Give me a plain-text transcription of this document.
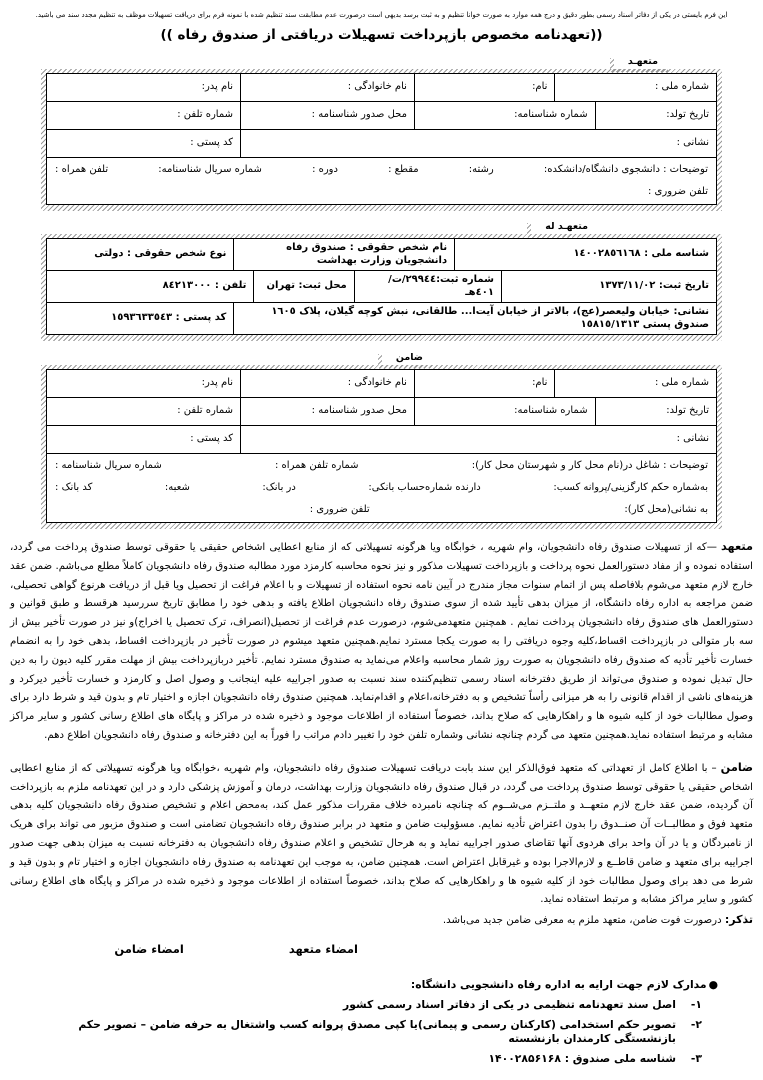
این فرم بایستی در یکی از دفاتر اسناد رسمی بطور دقیق و درج همه موارد به صورت خوانا تنظیم و به ثبت برسد بدیهی است درصورت عدم مطابقت سند تنظیم شده با نمونه فرم برای دریافت تسهیلات موظف به تنظیم مجدد سند می باشید.
((تعهدنامه مخصوص بازپرداخت تسهیلات دریافتی از صندوق رفاه ))
متعهـد
شماره ملی :
نام:
نام خانوادگی :
نام پدر:
تاریخ تولد:
شماره شناسنامه:
محل صدور شناسنامه :
شماره تلفن :
نشانی :
کد پستی :
توضیحات : دانشجوی دانشگاه/دانشکده:
رشته:
مقطع :
دوره :
شماره سریال شناسنامه:
تلفن همراه :
تلفن ضروری :
متعهـد له
شناسه ملی : ١٤٠٠٢٨٥٦١٦٨
نام شخص حقوقی : صندوق رفاه دانشجویان وزارت بهداشت
نوع شخص حقوقی : دولتی
تاریخ ثبت: ١٣٧٣/١١/٠٢
شماره ثبت:٢٩٩٤٤/ت/٤٠١هـ
محل ثبت: تهران
تلفن : ٨٤٢١٣٠٠٠
نشانی: خیابان ولیعصر(عج)، بالاتر از خیابان آیت‌ا... طالقانی، نبش کوچه گیلان، پلاک ١٦٠٥ صندوق پستی ١٥٨١٥/١٣١٣
کد پستی : ١٥٩٣٦٣٣٥٤٣
ضامن
شماره ملی :
نام:
نام خانوادگی :
نام پدر:
تاریخ تولد:
شماره شناسنامه:
محل صدور شناسنامه :
شماره تلفن :
نشانی :
کد پستی :
توضیحات : شاغل در(نام محل کار و شهرستان محل کار):
شماره تلفن همراه :
شماره سریال شناسنامه :
به‌شماره حکم کارگزینی/پروانه کسب:
دارنده شماره‌حساب بانکی:
در بانک:
شعبه:
کد بانک :
به نشانی(محل کار):
تلفن ضروری :
متعهد —که از تسهیلات صندوق رفاه دانشجویان، وام شهریه ، خوابگاه ویا هرگونه تسهیلاتی که از منابع اعطایی اشخاص حقیقی یا حقوقی توسط صندوق پرداخت می گردد، استفاده نموده و از مفاد دستورالعمل نحوه پرداخت و بازپرداخت تسهیلات مذکور و نیز نحوه محاسبه کارمزد مورد مطالبه صندوق رفاه دانشجویان کاملاً مطلع می‌باشم. ضمن عقد خارج لازم متعهد می‌شوم بلافاصله پس از اتمام سنوات مجاز مندرج در آیین نامه نحوه استفاده از تسهیلات و با اعلام فراغت از تحصیل ویا قبل از دریافت هرنوع گواهی تحصیلی، ضمن مراجعه به اداره رفاه دانشگاه، از میزان بدهی تأیید شده از سوی صندوق رفاه دانشجویان اطلاع یافته و بدهی خود را مطابق تاریخ سررسید هرقسط و طبق قوانین و دستورالعمل های صندوق رفاه دانشجویان پرداخت نمایم . همچنین متعهدمی‌شوم، درصورت عدم فراغت از تحصیل(انصراف، ترک تحصیل یا اخراج)و نیز در صورت تأخیر بیش از سه بار متوالی در بازپرداخت اقساط،کلیه وجوه دریافتی را به صورت یکجا مسترد نمایم.همچنین متعهد میشوم در صورت تأخیر در بازپرداخت اقساط، بدهی خود را به انضمام خسارت تأخیر تأدیه که صندوق رفاه دانشجویان به صورت روز شمار محاسبه واعلام می‌نماید به صندوق مسترد نمایم. تأخیر دربازپرداخت بیش از مهلت مقرر کلیه دیون را به دین حال تبدیل نموده و صندوق می‌تواند از طریق دفترخانه اسناد رسمی تنظیم‌کننده سند نسبت به صدور اجراییه علیه اینجانب و وصول اصل و کارمزد و خسارت تأخیر دیرکرد و هزینه‌های ناشی از اقدام قانونی را به هر میزانی رأساً تشخیص و به دفترخانه،اعلام و اقدام‌نماید. همچنین صندوق رفاه دانشجویان اجازه و اختیار تام و بدون قید و شرط دارد برای وصول مطالبات خود از کلیه شیوه ها و راهکارهایی که صلاح بداند، خصوصاً استفاده از اطلاعات موجود و ذخیره شده در مراکز و پایگاه های اطلاع رسانی کشور و سایر مراکز مشابه و مرتبط استفاده نماید.همچنین متعهد می گردم چنانچه نشانی وشماره تلفن خود را تغییر دادم مراتب را فوراً به این دفترخانه و صندوق رفاه دانشجویان اطلاع دهم.
ضامن – با اطلاع کامل از تعهداتی که متعهد فوق‌الذکر این سند بابت دریافت تسهیلات صندوق رفاه دانشجویان، وام شهریه ،خوابگاه ویا هرگونه تسهیلاتی که از منابع اعطایی اشخاص حقیقی یا حقوقی توسط صندوق پرداخت می گردد، در قبال صندوق رفاه دانشجویان وزارت بهداشت، درمان و آموزش پزشکی دارد و در این تعهدنامه ملزم به بازپرداخت آن گردیده، ضمن عقد خارج لازم متعهــد و ملتــزم می‌شــوم که چنانچه نامبرده خلاف مقررات مذکور عمل کند، به‌محض اعلام و تشخیص صندوق رفاه دانشجویان کلیه بدهی متعهد فوق و مطالبــات آن صنــدوق را بدون اعتراض تأدیه نمایم. مسؤولیت ضامن و متعهد در برابر صندوق رفاه دانشجویان تضامنی است و صندوق مزبور می تواند برای هریک از نامبردگان و یا در آن واحد برای هردوی آنها تقاضای صدور اجراییه نماید و به هرحال تشخیص و اعلام صندوق رفاه دانشجویان به دفترخانه نسبت به میزان بدهی جهت صدور اجراییه برای متعهد و ضامن قاطــع و لازم‌الاجرا بوده و غیرقابل اعتراض است. همچنین ضامن، به موجب این تعهدنامه به صندوق رفاه دانشجویان اجازه و اختیار تام و بدون قید و شرط می دهد برای وصول مطالبات خود از کلیه شیوه ها و راهکارهایی که صلاح بداند، خصوصاً استفاده از اطلاعات موجود و ذخیره شده در مراکز و پایگاه های اطلاع رسانی کشور و سایر مراکز مشابه و مرتبط استفاده نماید.
تذکر: درصورت فوت ضامن، متعهد ملزم به معرفی ضامن جدید می‌باشد.
امضاء متعهد
امضاء ضامن
●
مدارک لازم جهت ارایه به اداره رفاه دانشجویی دانشگاه:
۱-
اصل سند تعهدنامه تنظیمی در یکی از دفاتر اسناد رسمی کشور
۲-
تصویر حکم استخدامی (کارکنان رسمی و پیمانی)یا کپی مصدق پروانه کسب واشتغال به حرفه ضامن – تصویر حکم بازنشستگی کارمندان بازنشسته
۳-
شناسه ملی صندوق : ۱۴۰۰۲۸۵۶۱۶۸
